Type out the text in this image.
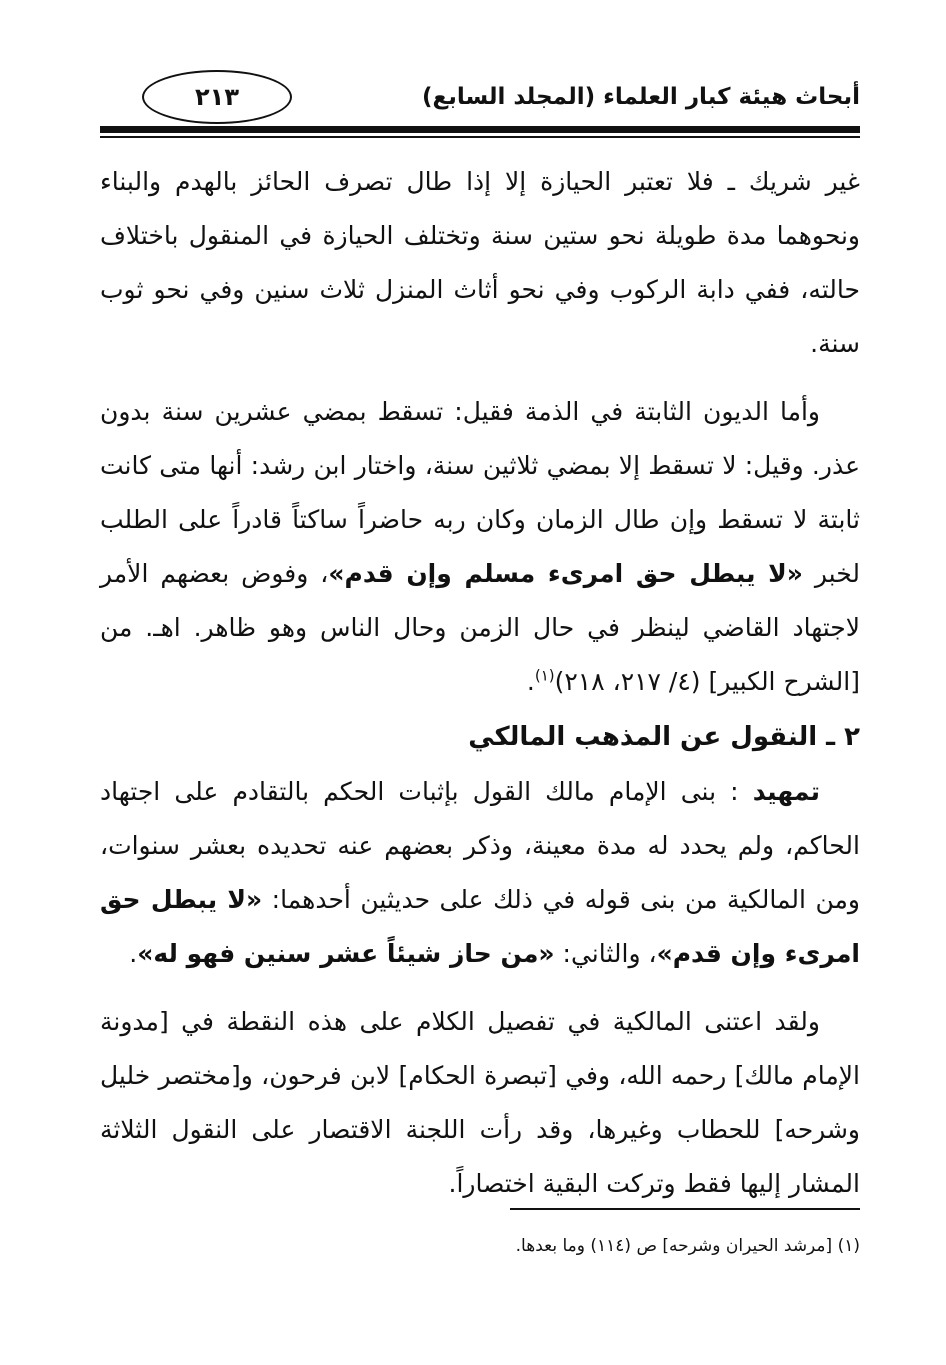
٢١٣	أبحاث هيئة كبار العلماء (المجلد السابع)

غير شريك ـ فلا تعتبر الحيازة إلا إذا طال تصرف الحائز بالهدم والبناء ونحوهما مدة طويلة نحو ستين سنة وتختلف الحيازة في المنقول باختلاف حالته، ففي دابة الركوب وفي نحو أثاث المنزل ثلاث سنين وفي نحو ثوب سنة.

وأما الديون الثابتة في الذمة فقيل: تسقط بمضي عشرين سنة بدون عذر. وقيل: لا تسقط إلا بمضي ثلاثين سنة، واختار ابن رشد: أنها متى كانت ثابتة لا تسقط وإن طال الزمان وكان ربه حاضراً ساكتاً قادراً على الطلب لخبر «لا يبطل حق امرىء مسلم وإن قدم»، وفوض بعضهم الأمر لاجتهاد القاضي لينظر في حال الزمن وحال الناس وهو ظاهر. اهـ. من [الشرح الكبير] (٤/ ٢١٧، ٢١٨)$^{(١)}$.

٢ ـ النقول عن المذهب المالكي

تمهيد : بنى الإمام مالك القول بإثبات الحكم بالتقادم على اجتهاد الحاكم، ولم يحدد له مدة معينة، وذكر بعضهم عنه تحديده بعشر سنوات، ومن المالكية من بنى قوله في ذلك على حديثين أحدهما: «لا يبطل حق امرىء وإن قدم»، والثاني: «من حاز شيئاً عشر سنين فهو له».

ولقد اعتنى المالكية في تفصيل الكلام على هذه النقطة في [مدونة الإمام مالك] رحمه الله، وفي [تبصرة الحكام] لابن فرحون، و[مختصر خليل وشرحه] للحطاب وغيرها، وقد رأت اللجنة الاقتصار على النقول الثلاثة المشار إليها فقط وتركت البقية اختصاراً.

(١) [مرشد الحيران وشرحه] ص (١١٤) وما بعدها.
